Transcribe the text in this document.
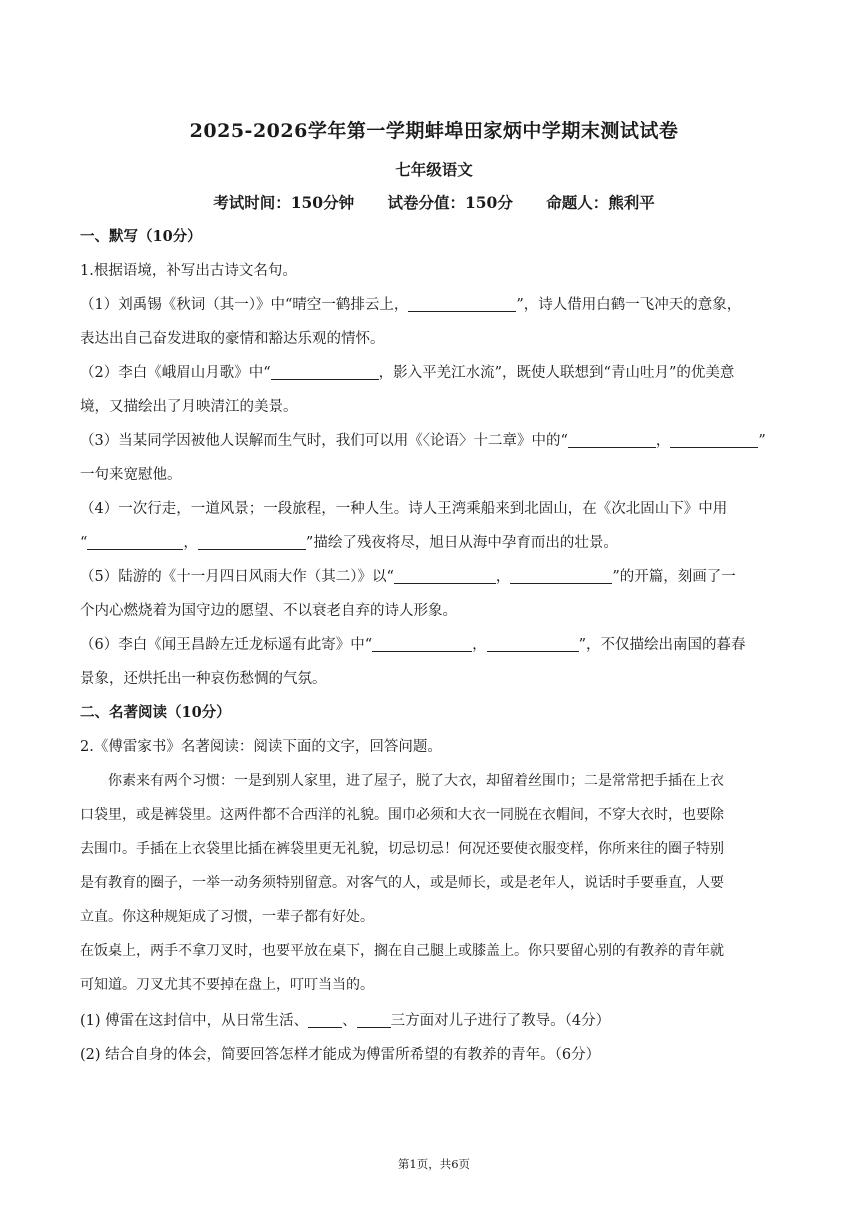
2025-2026学年第一学期蚌埠田家炳中学期末测试试卷
七年级语文
考试时间：150分钟 试卷分值：150分 命题人：熊利平
一、默写（10分）
1.根据语境，补写出古诗文名句。
（1）刘禹锡《秋词（其一）》中“晴空一鹤排云上，	”，诗人借用白鹤一飞冲天的意象，
表达出自己奋发进取的豪情和豁达乐观的情怀。
（2）李白《峨眉山月歌》中“	，影入平羌江水流”，既使人联想到“青山吐月”的优美意
境，又描绘出了月映清江的美景。
（3）当某同学因被他人误解而生气时，我们可以用《〈论语〉十二章》中的“	，	”
一句来宽慰他。
（4）一次行走，一道风景；一段旅程，一种人生。诗人王湾乘船来到北固山，在《次北固山下》中用
“	，	”描绘了残夜将尽，旭日从海中孕育而出的壮景。
（5）陆游的《十一月四日风雨大作（其二）》以“	，	”的开篇，刻画了一
个内心燃烧着为国守边的愿望、不以衰老自弃的诗人形象。
（6）李白《闻王昌龄左迁龙标遥有此寄》中“	，	”，不仅描绘出南国的暮春
景象，还烘托出一种哀伤愁惆的气氛。
二、名著阅读（10分）
2.《傅雷家书》名著阅读：阅读下面的文字，回答问题。
你素来有两个习惯：一是到别人家里，进了屋子，脱了大衣，却留着丝围巾；二是常常把手插在上衣
口袋里，或是裤袋里。这两件都不合西洋的礼貌。围巾必须和大衣一同脱在衣帽间，不穿大衣时，也要除
去围巾。手插在上衣袋里比插在裤袋里更无礼貌，切忌切忌！何况还要使衣服变样，你所来往的圈子特别
是有教育的圈子，一举一动务须特别留意。对客气的人，或是师长，或是老年人，说话时手要垂直，人要
立直。你这种规矩成了习惯，一辈子都有好处。
在饭桌上，两手不拿刀叉时，也要平放在桌下，搁在自己腿上或膝盖上。你只要留心别的有教养的青年就
可知道。刀叉尤其不要掉在盘上，叮叮当当的。
(1) 傅雷在这封信中，从日常生活、 、 三方面对儿子进行了教导。（4分）
(2) 结合自身的体会，简要回答怎样才能成为傅雷所希望的有教养的青年。（6分）
第1页，共6页
